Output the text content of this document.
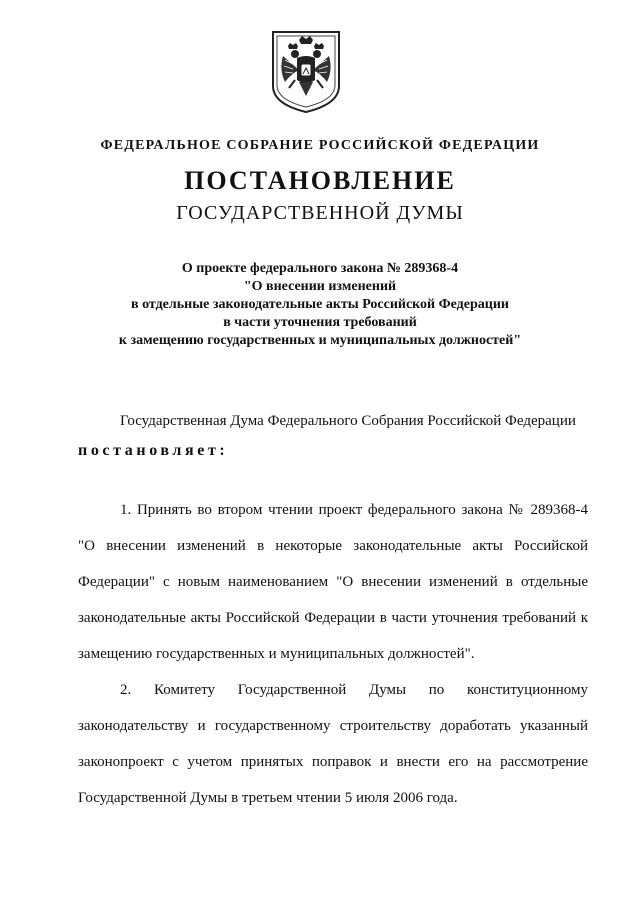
ФЕДЕРАЛЬНОЕ СОБРАНИЕ РОССИЙСКОЙ ФЕДЕРАЦИИ
ПОСТАНОВЛЕНИЕ
ГОСУДАРСТВЕННОЙ ДУМЫ
О проекте федерального закона № 289368-4
"О внесении изменений
в отдельные законодательные акты Российской Федерации
в части уточнения требований
к замещению государственных и муниципальных должностей"
Государственная Дума Федерального Собрания Российской Федерации
постановляет:
1. Принять во втором чтении проект федерального закона № 289368-4 "О внесении изменений в некоторые законодательные акты Российской Федерации" с новым наименованием "О внесении изменений в отдельные законодательные акты Российской Федерации в части уточнения требований к замещению государственных и муниципальных должностей".
2. Комитету Государственной Думы по конституционному законодательству и государственному строительству доработать указанный законопроект с учетом принятых поправок и внести его на рассмотрение Государственной Думы в третьем чтении 5 июля 2006 года.
